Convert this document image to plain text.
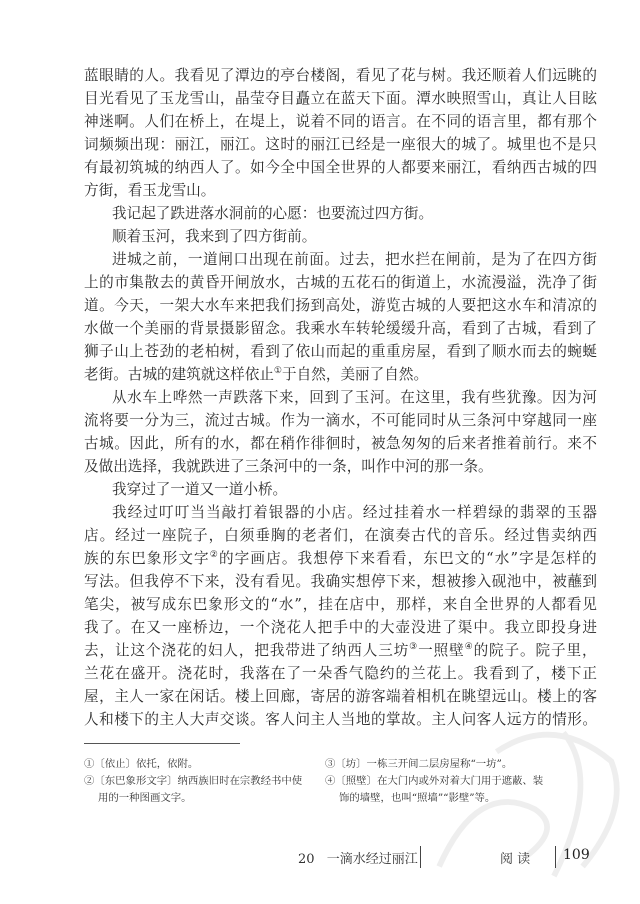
蓝眼睛的人。我看见了潭边的亭台楼阁，看见了花与树。我还顺着人们远眺的
目光看见了玉龙雪山，晶莹夺目矗立在蓝天下面。潭水映照雪山，真让人目眩
神迷啊。人们在桥上，在堤上，说着不同的语言。在不同的语言里，都有那个
词频频出现：丽江，丽江。这时的丽江已经是一座很大的城了。城里也不是只
有最初筑城的纳西人了。如今全中国全世界的人都要来丽江，看纳西古城的四
方街，看玉龙雪山。
我记起了跌进落水洞前的心愿：也要流过四方街。
顺着玉河，我来到了四方街前。
进城之前，一道闸口出现在前面。过去，把水拦在闸前，是为了在四方街
上的市集散去的黄昏开闸放水，古城的五花石的街道上，水流漫溢，洗净了街
道。今天，一架大水车来把我们扬到高处，游览古城的人要把这水车和清凉的
水做一个美丽的背景摄影留念。我乘水车转轮缓缓升高，看到了古城，看到了
狮子山上苍劲的老柏树，看到了依山而起的重重房屋，看到了顺水而去的蜿蜒
老街。古城的建筑就这样依止①于自然，美丽了自然。
从水车上哗然一声跌落下来，回到了玉河。在这里，我有些犹豫。因为河
流将要一分为三，流过古城。作为一滴水，不可能同时从三条河中穿越同一座
古城。因此，所有的水，都在稍作徘徊时，被急匆匆的后来者推着前行。来不
及做出选择，我就跌进了三条河中的一条，叫作中河的那一条。
我穿过了一道又一道小桥。
我经过叮叮当当敲打着银器的小店。经过挂着水一样碧绿的翡翠的玉器
店。经过一座院子，白须垂胸的老者们，在演奏古代的音乐。经过售卖纳西
族的东巴象形文字②的字画店。我想停下来看看，东巴文的“水”字是怎样的
写法。但我停不下来，没有看见。我确实想停下来，想被掺入砚池中，被蘸到
笔尖，被写成东巴象形文的“水”，挂在店中，那样，来自全世界的人都看见
我了。在又一座桥边，一个浇花人把手中的大壶没进了渠中。我立即投身进
去，让这个浇花的妇人，把我带进了纳西人三坊③一照壁④的院子。院子里，
兰花在盛开。浇花时，我落在了一朵香气隐约的兰花上。我看到了，楼下正
屋，主人一家在闲话。楼上回廊，寄居的游客端着相机在眺望远山。楼上的客
人和楼下的主人大声交谈。客人问主人当地的掌故。主人问客人远方的情形。
①〔依止〕依托，依附。
②〔东巴象形文字〕纳西族旧时在宗教经书中使
用的一种图画文字。
③〔坊〕一栋三开间二层房屋称“一坊”。
④〔照壁〕在大门内或外对着大门用于遮蔽、装
饰的墙壁，也叫“照墙”“影壁”等。
20 一滴水经过丽江	阅 读 109
